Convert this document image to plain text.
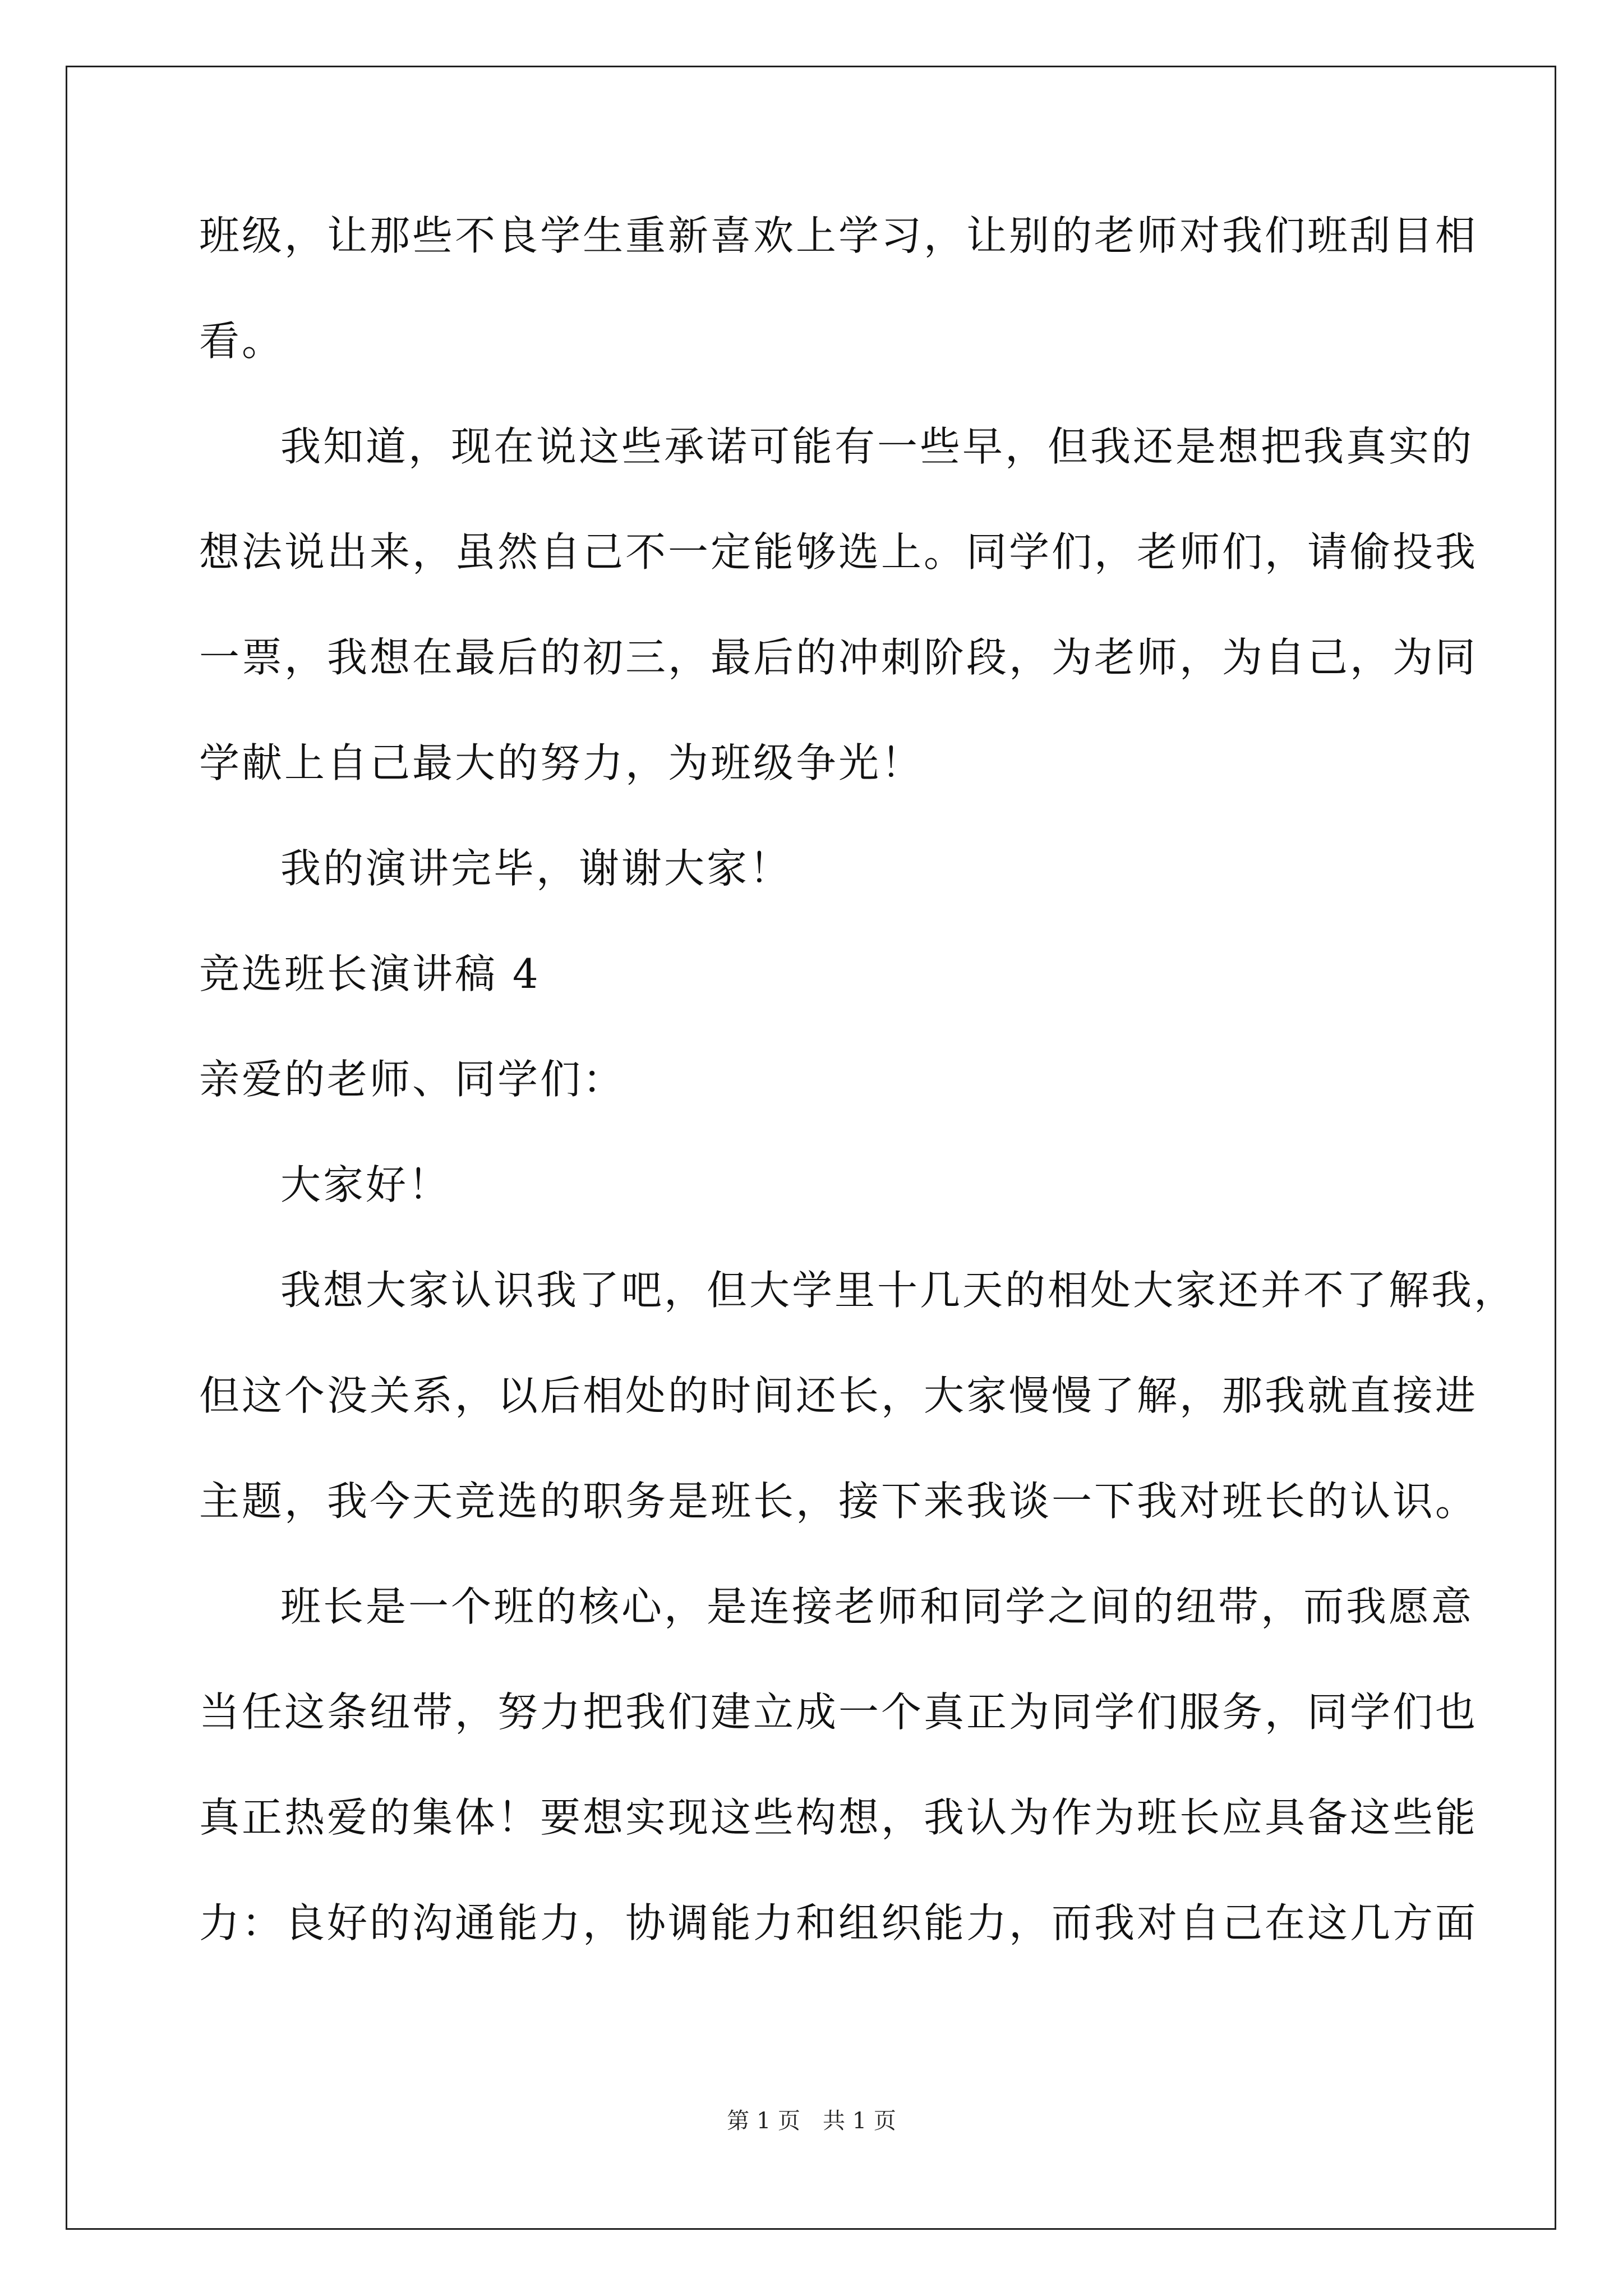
班级，让那些不良学生重新喜欢上学习，让别的老师对我们班刮目相
看。
我知道，现在说这些承诺可能有一些早，但我还是想把我真实的
想法说出来，虽然自己不一定能够选上。同学们，老师们，请偷投我
一票，我想在最后的初三，最后的冲刺阶段，为老师，为自己，为同
学献上自己最大的努力，为班级争光！
我的演讲完毕，谢谢大家！
竞选班长演讲稿 4
亲爱的老师、同学们：
大家好！
我想大家认识我了吧，但大学里十几天的相处大家还并不了解我，
但这个没关系，以后相处的时间还长，大家慢慢了解，那我就直接进
主题，我今天竞选的职务是班长，接下来我谈一下我对班长的认识。
班长是一个班的核心，是连接老师和同学之间的纽带，而我愿意
当任这条纽带，努力把我们建立成一个真正为同学们服务，同学们也
真正热爱的集体！要想实现这些构想，我认为作为班长应具备这些能
力：良好的沟通能力，协调能力和组织能力，而我对自己在这几方面
第 1 页　共 1 页
